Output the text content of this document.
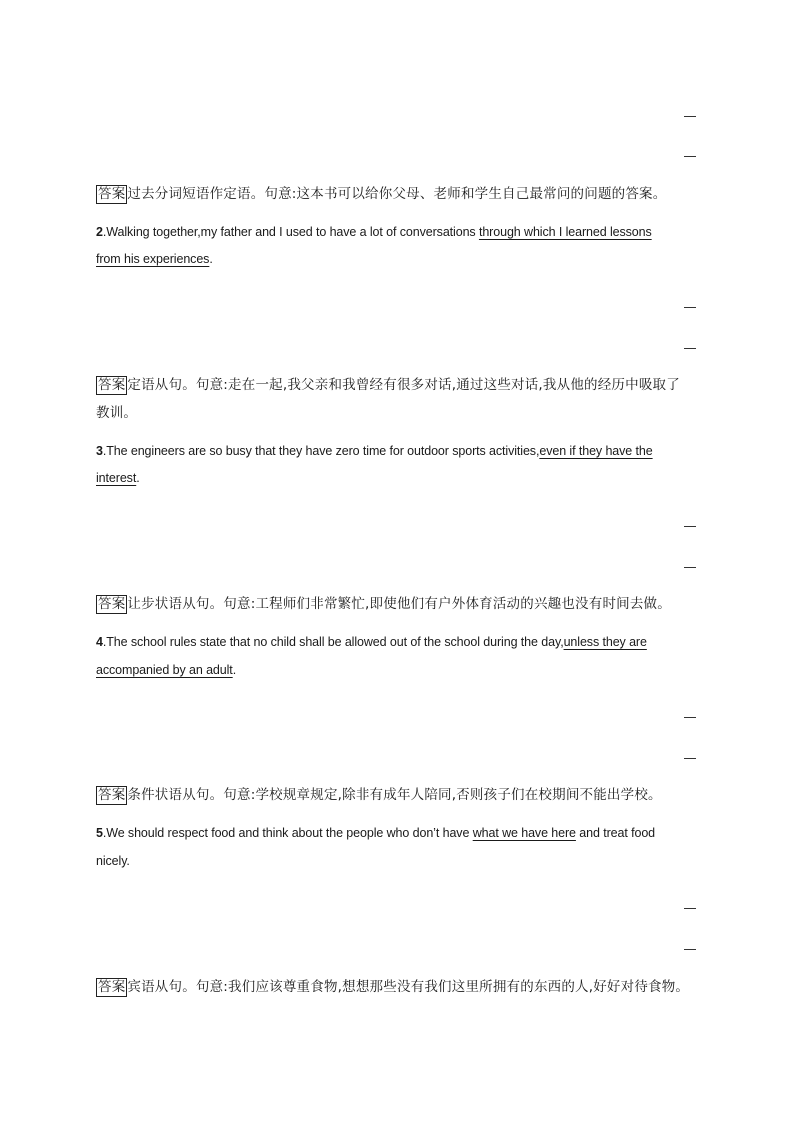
答案 过去分词短语作定语。句意:这本书可以给你父母、老师和学生自己最常问的问题的答案。
2.Walking together,my father and I used to have a lot of conversations through which I learned lessons
from his experiences.
答案 定语从句。句意:走在一起,我父亲和我曾经有很多对话,通过这些对话,我从他的经历中吸取了
教训。
3.The engineers are so busy that they have zero time for outdoor sports activities,even if they have the
interest.
答案 让步状语从句。句意:工程师们非常繁忙,即使他们有户外体育活动的兴趣也没有时间去做。
4.The school rules state that no child shall be allowed out of the school during the day,unless they are
accompanied by an adult.
答案 条件状语从句。句意:学校规章规定,除非有成年人陪同,否则孩子们在校期间不能出学校。
5.We should respect food and think about the people who don’t have what we have here and treat food
nicely.
答案 宾语从句。句意:我们应该尊重食物,想想那些没有我们这里所拥有的东西的人,好好对待食物。
